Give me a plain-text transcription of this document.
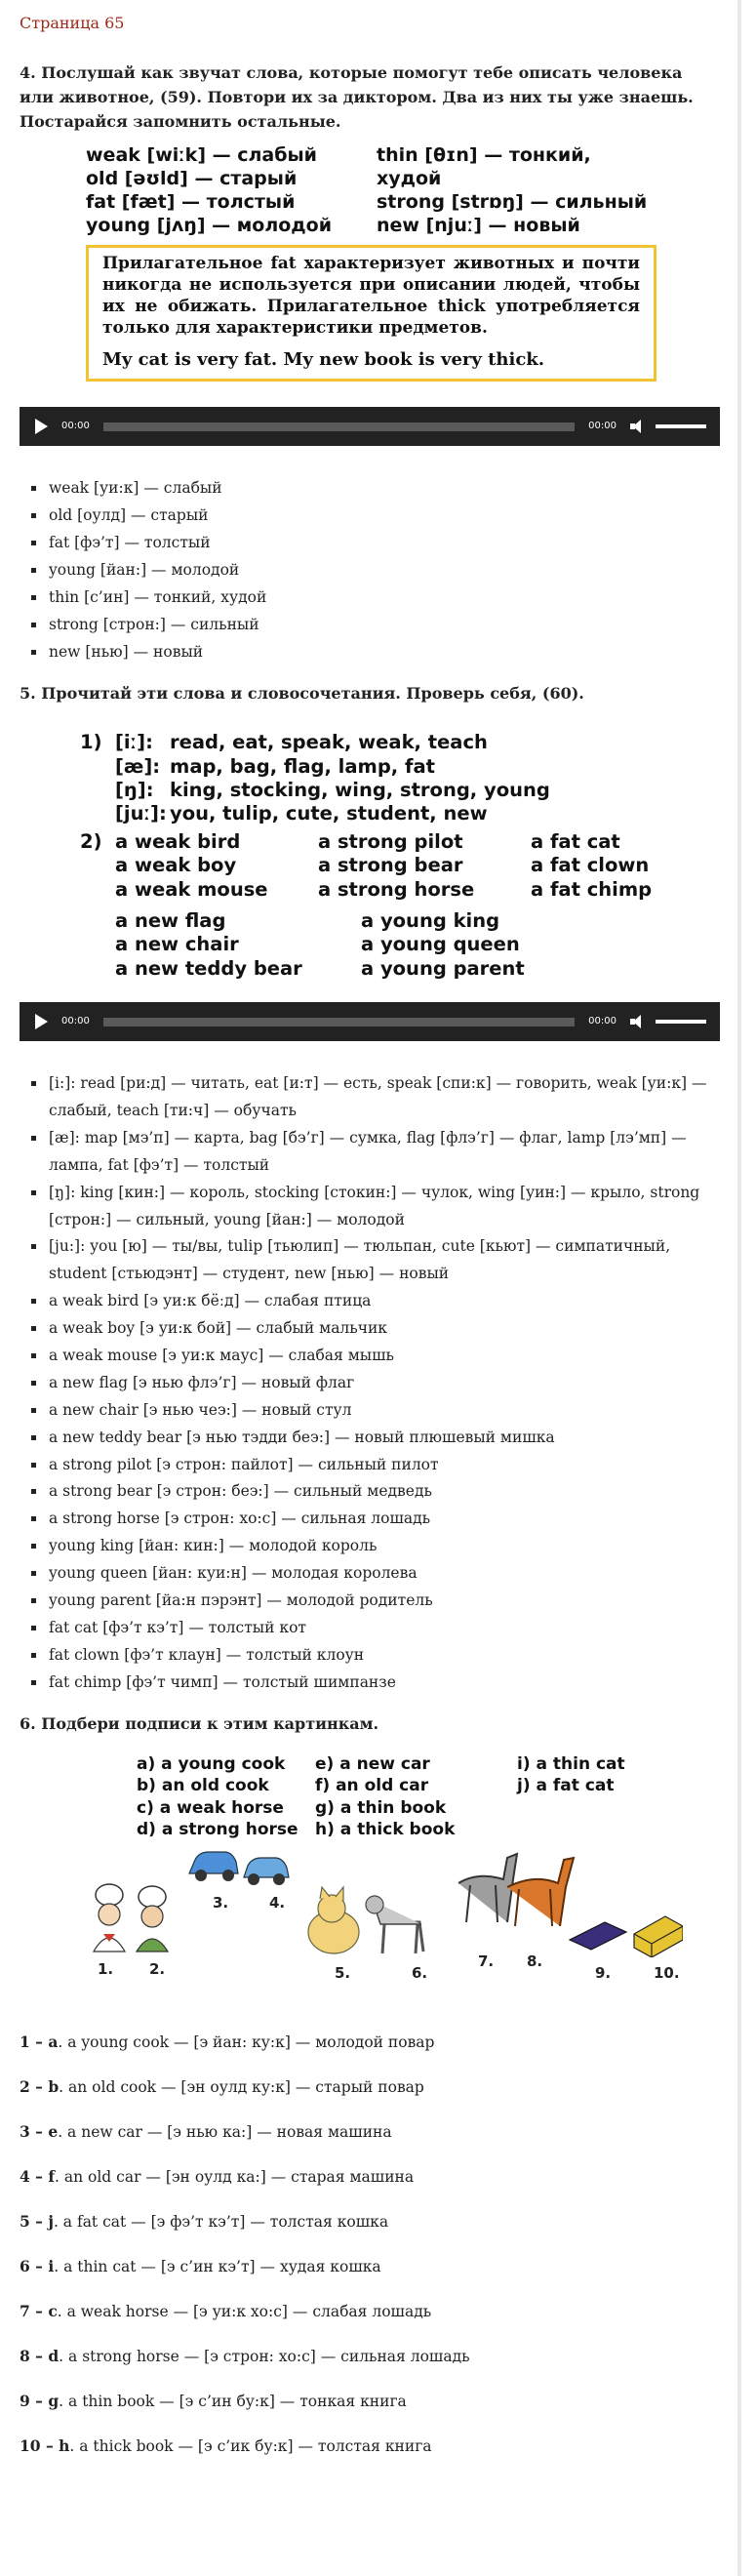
Страница 65
4. Послушай как звучат слова, которые помогут тебе описать человека или животное, (59). Повтори их за диктором. Два из них ты уже знаешь. Постарайся запомнить остальные.
weak [wiːk] — слабый	thin [θɪn] — тонкий,
old [əʊld] — старый	худой
fat [fæt] — толстый	strong [strɒŋ] — сильный
young [jʌŋ] — молодой	new [njuː] — новый
Прилагательное fat характеризует животных и почти никогда не используется при описании людей, чтобы их не обижать. Прилагательное thick употребляется только для характеристики предметов.
My cat is very fat. My new book is very thick.
00:00	00:00
▪ weak [уи:к] — слабый
▪ old [оулд] — старый
▪ fat [фэ’т] — толстый
▪ young [йан:] — молодой
▪ thin [с’ин] — тонкий, худой
▪ strong [строн:] — сильный
▪ new [нью] — новый
5. Прочитай эти слова и словосочетания. Проверь себя, (60).
1) [iː]: read, eat, speak, weak, teach
[æ]: map, bag, flag, lamp, fat
[ŋ]: king, stocking, wing, strong, young
[juː]: you, tulip, cute, student, new
2) a weak bird	a strong pilot	a fat cat
a weak boy	a strong bear	a fat clown
a weak mouse	a strong horse	a fat chimp
a new flag	a young king
a new chair	a young queen
a new teddy bear	a young parent
00:00	00:00
▪ [i:]: read [ри:д] — читать, eat [и:т] — есть, speak [спи:к] — говорить, weak [уи:к] — слабый, teach [ти:ч] — обучать
▪ [æ]: map [мэ’п] — карта, bag [бэ’г] — сумка, flag [флэ’г] — флаг, lamp [лэ’мп] — лампа, fat [фэ’т] — толстый
▪ [ŋ]: king [кин:] — король, stocking [стокин:] — чулок, wing [уин:] — крыло, strong [строн:] — сильный, young [йан:] — молодой
▪ [ju:]: you [ю] — ты/вы, tulip [тьюлип] — тюльпан, cute [кьют] — симпатичный, student [стьюдэнт] — студент, new [нью] — новый
▪ a weak bird [э уи:к бёːд] — слабая птица
▪ a weak boy [э уи:к бой] — слабый мальчик
▪ a weak mouse [э уи:к маус] — слабая мышь
▪ a new flag [э нью флэ’г] — новый флаг
▪ a new chair [э нью чеэ:] — новый стул
▪ a new teddy bear [э нью тэдди беэ:] — новый плюшевый мишка
▪ a strong pilot [э строн: пайлот] — сильный пилот
▪ a strong bear [э строн: беэ:] — сильный медведь
▪ a strong horse [э строн: хо:с] — сильная лошадь
▪ young king [йан: кин:] — молодой король
▪ young queen [йан: куи:н] — молодая королева
▪ young parent [йа:н пэрэнт] — молодой родитель
▪ fat cat [фэ’т кэ’т] — толстый кот
▪ fat clown [фэ’т клаун] — толстый клоун
▪ fat chimp [фэ’т чимп] — толстый шимпанзе
6. Подбери подписи к этим картинкам.
a) a young cook	e) a new car	i) a thin cat
b) an old cook	f) an old car	j) a fat cat
c) a weak horse	g) a thin book
d) a strong horse	h) a thick book
1. 2.
3.	4.
5.	6.
7. 8.
9.	10.
1 – a. a young cook — [э йан: ку:к] — молодой повар
2 – b. an old cook — [эн оулд ку:к] — старый повар
3 – e. a new car — [э нью ка:] — новая машина
4 – f. an old car — [эн оулд ка:] — старая машина
5 – j. a fat cat — [э фэ’т кэ’т] — толстая кошка
6 – i. a thin cat — [э с’ин кэ’т] — худая кошка
7 – c. a weak horse — [э уи:к хо:с] — слабая лошадь
8 – d. a strong horse — [э строн: хо:с] — сильная лошадь
9 – g. a thin book — [э с’ин бу:к] — тонкая книга
10 – h. a thick book — [э с’ик бу:к] — толстая книга
